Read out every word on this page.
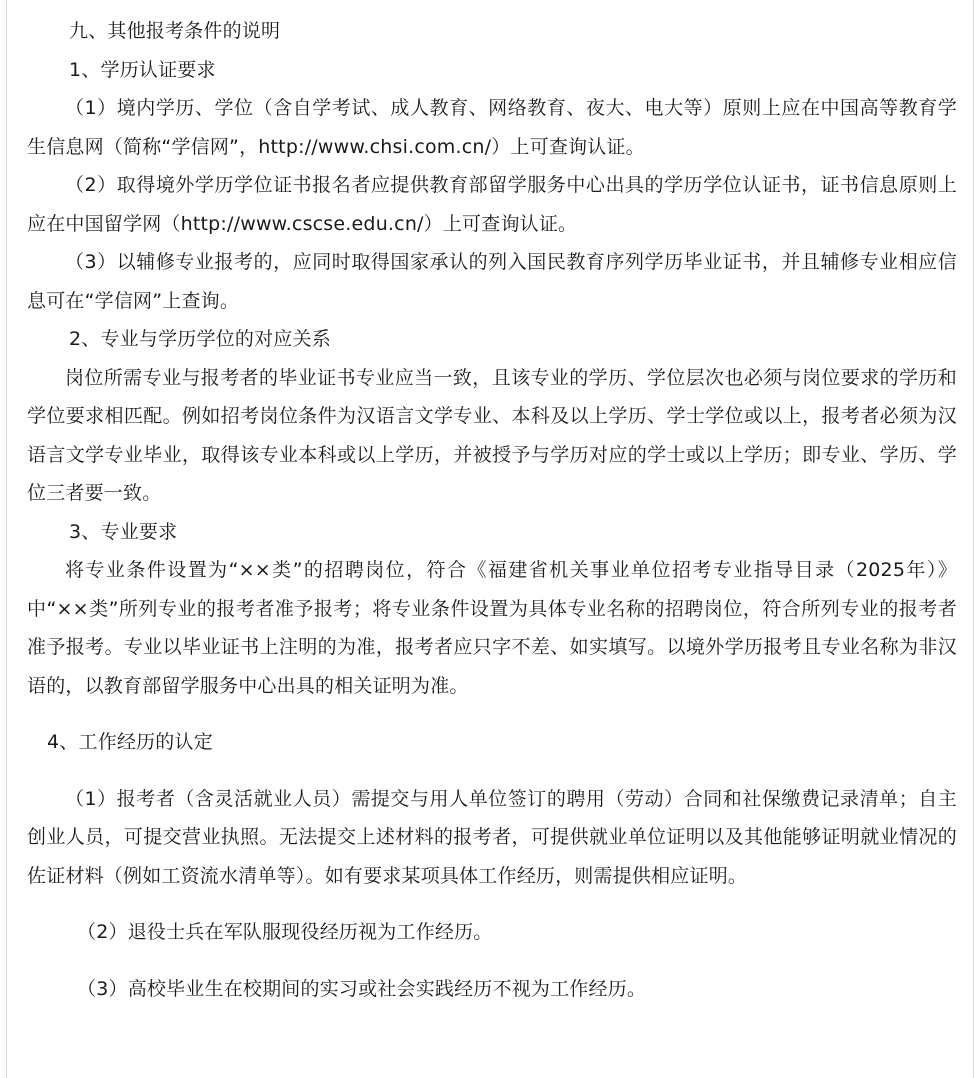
九、其他报考条件的说明

1、学历认证要求

（1）境内学历、学位（含自学考试、成人教育、网络教育、夜大、电大等）原则上应在中国高等教育学生信息网（简称“学信网”，http://www.chsi.com.cn/）上可查询认证。

（2）取得境外学历学位证书报名者应提供教育部留学服务中心出具的学历学位认证书，证书信息原则上应在中国留学网（http://www.cscse.edu.cn/）上可查询认证。

（3）以辅修专业报考的，应同时取得国家承认的列入国民教育序列学历毕业证书，并且辅修专业相应信息可在“学信网”上查询。

2、专业与学历学位的对应关系

岗位所需专业与报考者的毕业证书专业应当一致，且该专业的学历、学位层次也必须与岗位要求的学历和学位要求相匹配。例如招考岗位条件为汉语言文学专业、本科及以上学历、学士学位或以上，报考者必须为汉语言文学专业毕业，取得该专业本科或以上学历，并被授予与学历对应的学士或以上学历；即专业、学历、学位三者要一致。

3、专业要求

将专业条件设置为“××类”的招聘岗位，符合《福建省机关事业单位招考专业指导目录（2025年）》中“××类”所列专业的报考者准予报考；将专业条件设置为具体专业名称的招聘岗位，符合所列专业的报考者准予报考。专业以毕业证书上注明的为准，报考者应只字不差、如实填写。以境外学历报考且专业名称为非汉语的，以教育部留学服务中心出具的相关证明为准。

4、工作经历的认定

（1）报考者（含灵活就业人员）需提交与用人单位签订的聘用（劳动）合同和社保缴费记录清单；自主创业人员，可提交营业执照。无法提交上述材料的报考者，可提供就业单位证明以及其他能够证明就业情况的佐证材料（例如工资流水清单等）。如有要求某项具体工作经历，则需提供相应证明。

（2）退役士兵在军队服现役经历视为工作经历。

（3）高校毕业生在校期间的实习或社会实践经历不视为工作经历。
